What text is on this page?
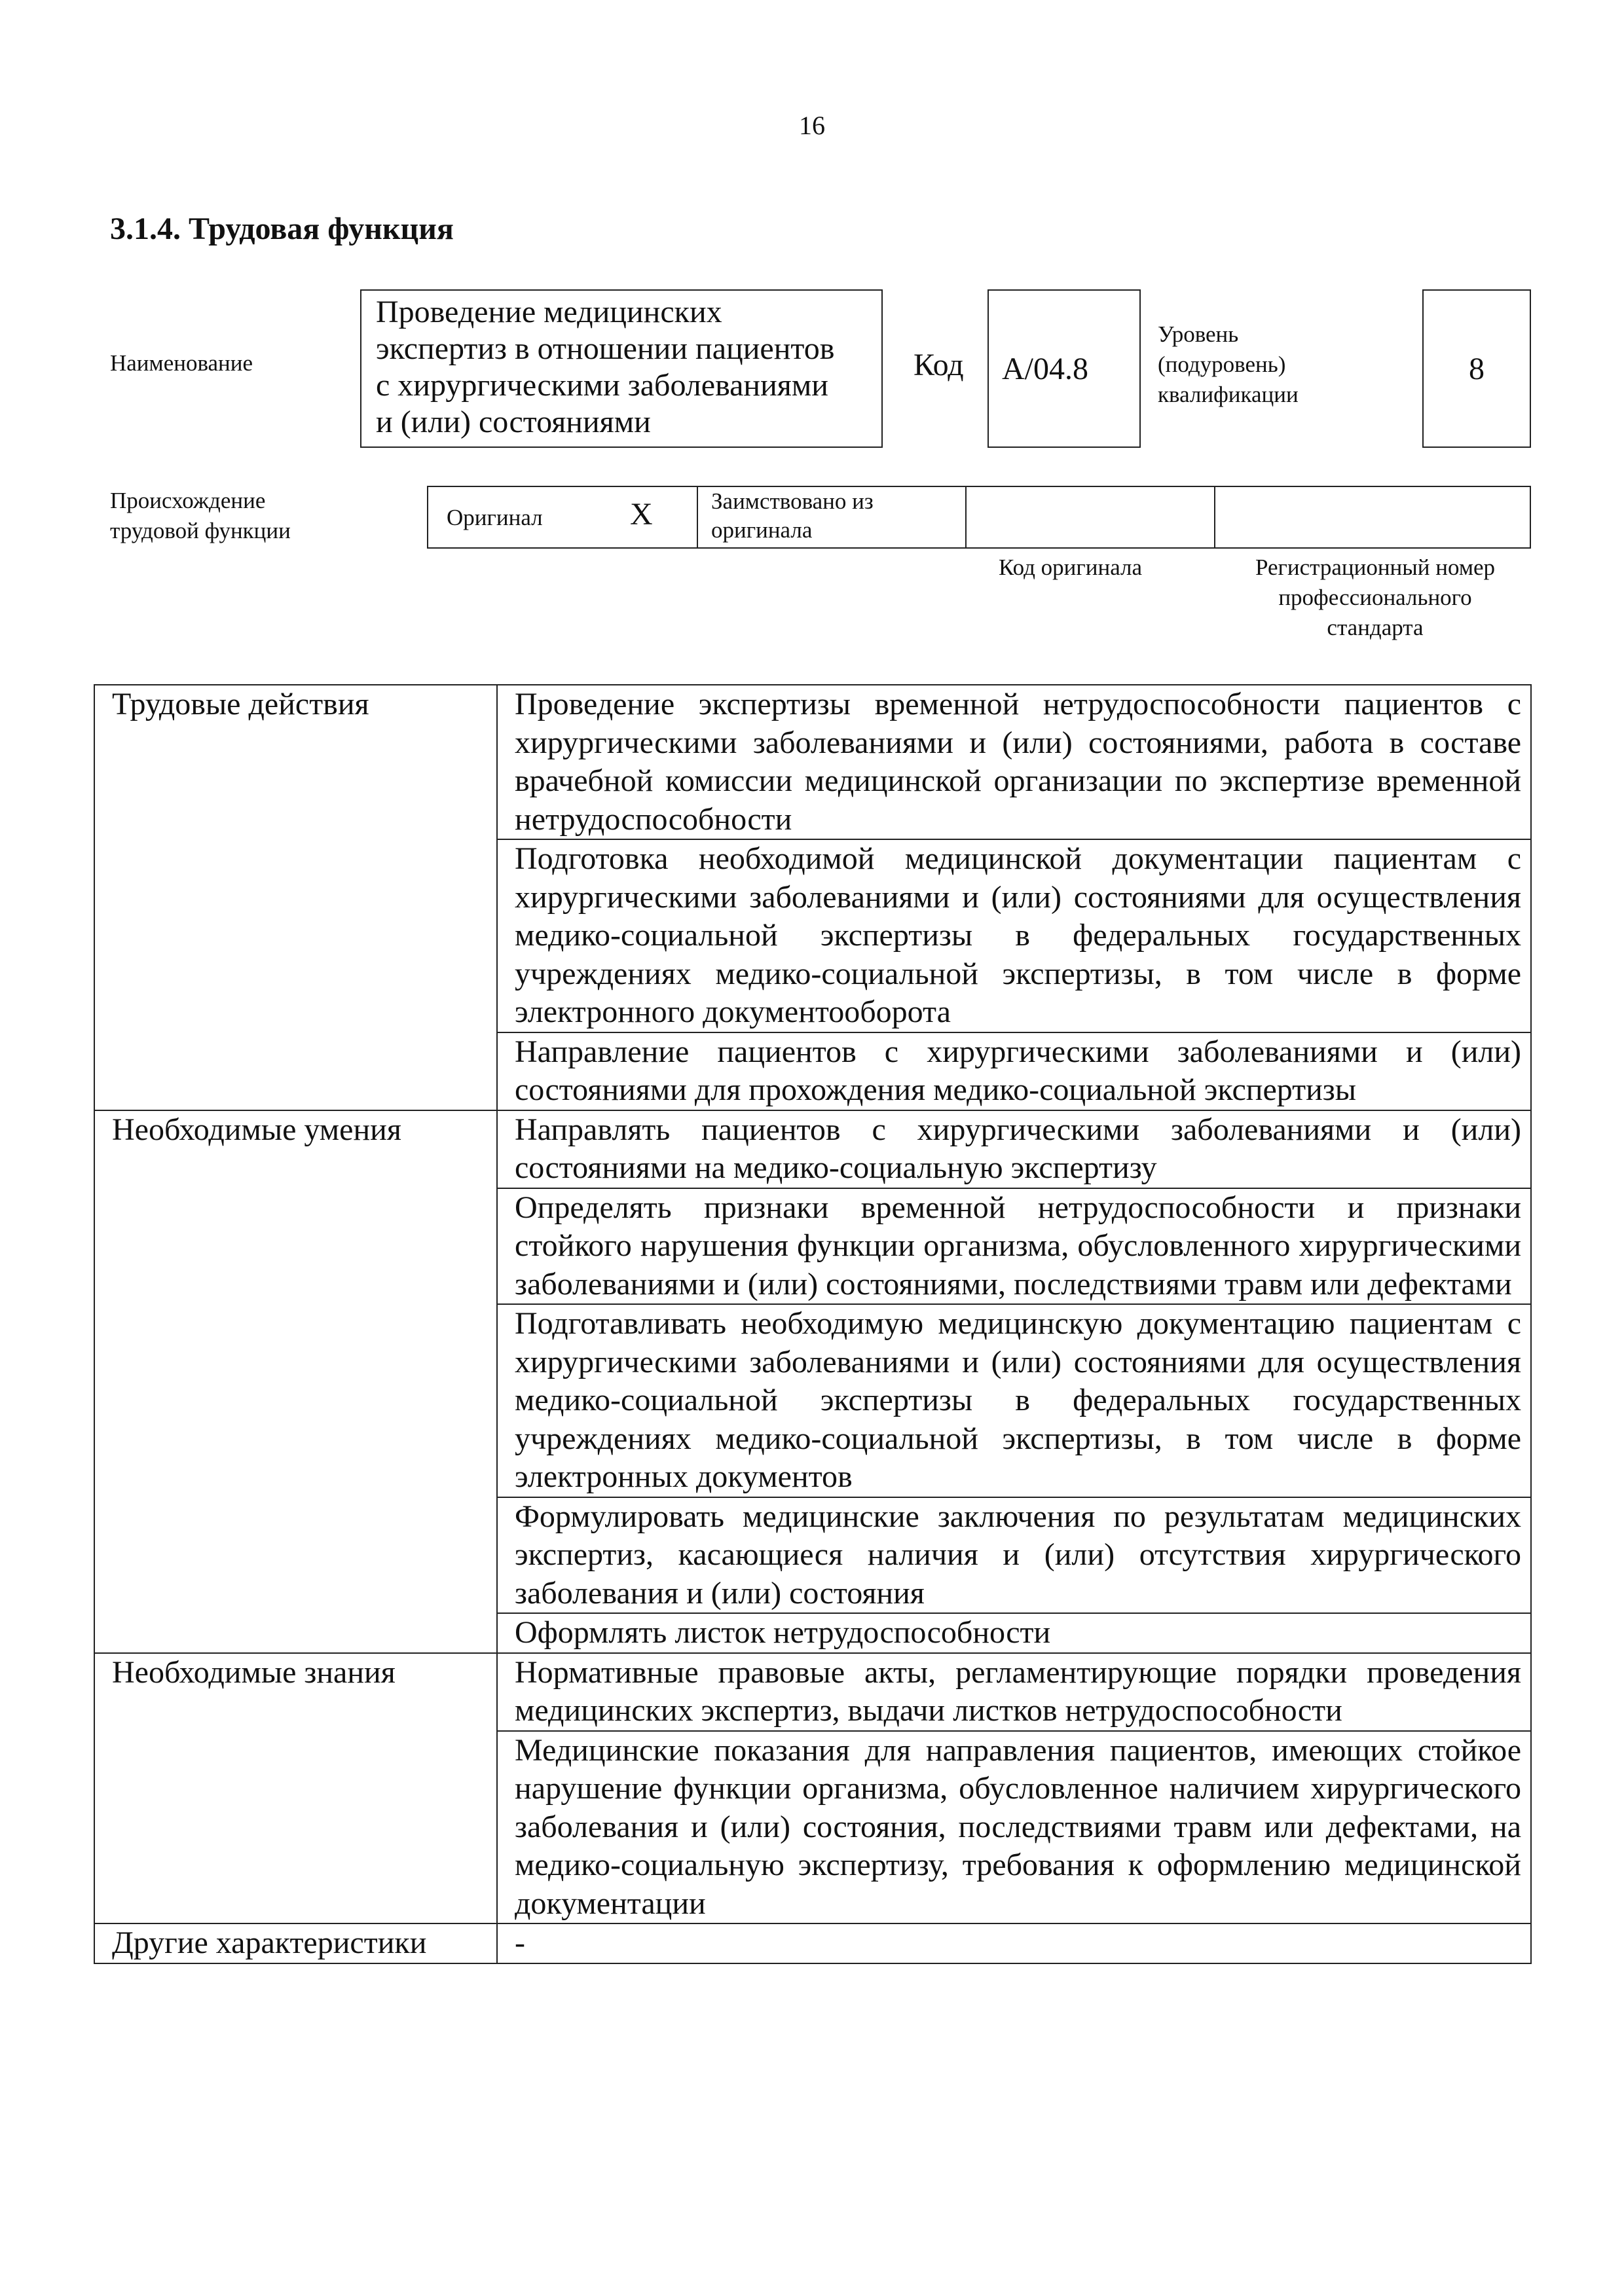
16
3.1.4. Трудовая функция
Наименование
Проведение медицинских
экспертиз в отношении пациентов
с хирургическими заболеваниями
и (или) состояниями
Код A/04.8
Уровень
(подуровень)
квалификации
8
Происхождение
трудовой функции
Оригинал	X	Заимствовано из
оригинала
Код оригинала	Регистрационный номер
профессионального
стандарта
Трудовые действия	Проведение экспертизы временной нетрудоспособности пациентов с хирургическими заболеваниями и (или) состояниями, работа в составе врачебной комиссии медицинской организации по экспертизе временной нетрудоспособности
	Подготовка необходимой медицинской документации пациентам с хирургическими заболеваниями и (или) состояниями для осуществления медико-социальной экспертизы в федеральных государственных учреждениях медико-социальной экспертизы, в том числе в форме электронного документооборота
	Направление пациентов с хирургическими заболеваниями и (или) состояниями для прохождения медико-социальной экспертизы
Необходимые умения	Направлять пациентов с хирургическими заболеваниями и (или) состояниями на медико-социальную экспертизу
	Определять признаки временной нетрудоспособности и признаки стойкого нарушения функции организма, обусловленного хирургическими заболеваниями и (или) состояниями, последствиями травм или дефектами
	Подготавливать необходимую медицинскую документацию пациентам с хирургическими заболеваниями и (или) состояниями для осуществления медико-социальной экспертизы в федеральных государственных учреждениях медико-социальной экспертизы, в том числе в форме электронных документов
	Формулировать медицинские заключения по результатам медицинских экспертиз, касающиеся наличия и (или) отсутствия хирургического заболевания и (или) состояния
	Оформлять листок нетрудоспособности
Необходимые знания	Нормативные правовые акты, регламентирующие порядки проведения медицинских экспертиз, выдачи листков нетрудоспособности
	Медицинские показания для направления пациентов, имеющих стойкое нарушение функции организма, обусловленное наличием хирургического заболевания и (или) состояния, последствиями травм или дефектами, на медико-социальную экспертизу, требования к оформлению медицинской документации
Другие характеристики	-
